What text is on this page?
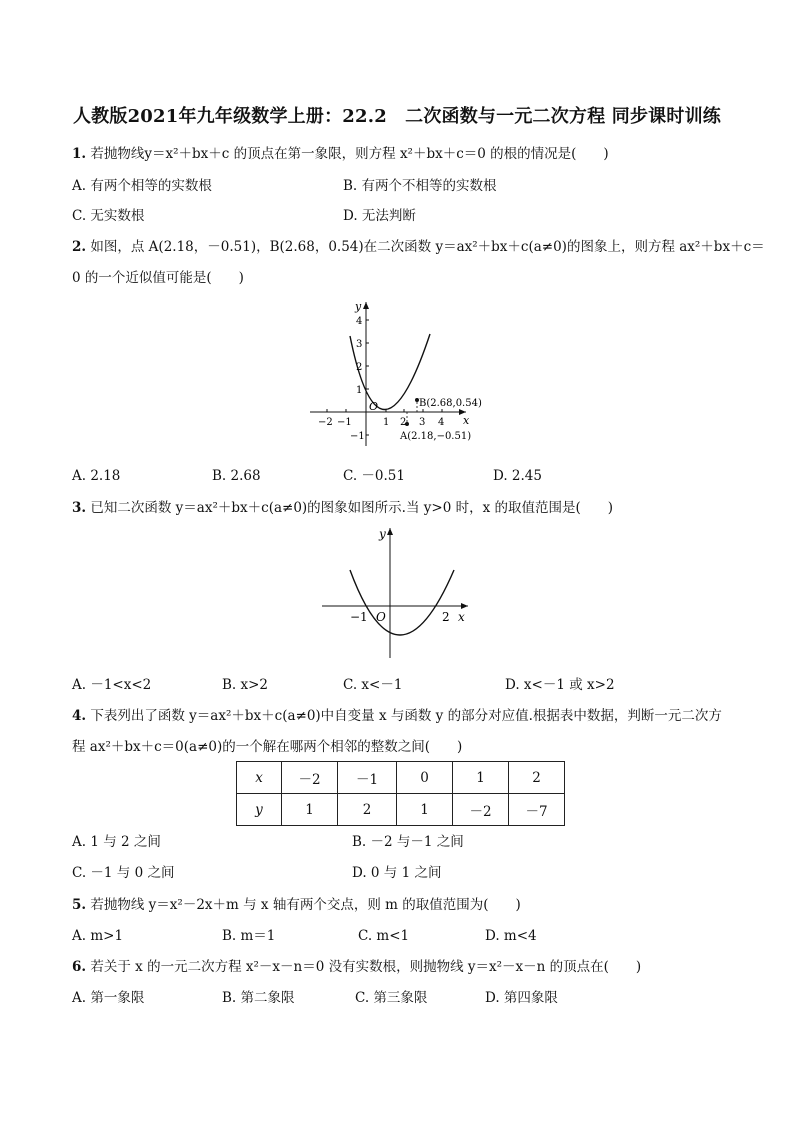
人教版2021年九年级数学上册：22.2　二次函数与一元二次方程 同步课时训练
1. 若抛物线y＝x²＋bx＋c 的顶点在第一象限，则方程 x²＋bx＋c＝0 的根的情况是(　　)
A. 有两个相等的实数根	B. 有两个不相等的实数根
C. 无实数根	D. 无法判断
2. 如图，点 A(2.18，－0.51)，B(2.68，0.54)在二次函数 y＝ax²＋bx＋c(a≠0)的图象上，则方程 ax²＋bx＋c＝
0 的一个近似值可能是(　　)
y
x
O
−2 −1	1 2 3 4
4
3
2
1
−1
B(2.68,0.54)
A(2.18,−0.51)
A. 2.18	B. 2.68	C. －0.51	D. 2.45
3. 已知二次函数 y＝ax²＋bx＋c(a≠0)的图象如图所示.当 y>0 时，x 的取值范围是(　　)
y
x
O
−1	2
A. －1<x<2	B. x>2	C. x<－1	D. x<－1 或 x>2
4. 下表列出了函数 y＝ax²＋bx＋c(a≠0)中自变量 x 与函数 y 的部分对应值.根据表中数据，判断一元二次方
程 ax²＋bx＋c＝0(a≠0)的一个解在哪两个相邻的整数之间(　　)
x	－2	－1	0	1	2
y	1	2	1	－2	－7
A. 1 与 2 之间	B. －2 与－1 之间
C. －1 与 0 之间	D. 0 与 1 之间
5. 若抛物线 y＝x²－2x＋m 与 x 轴有两个交点，则 m 的取值范围为(　　)
A. m>1	B. m＝1	C. m<1	D. m<4
6. 若关于 x 的一元二次方程 x²－x－n＝0 没有实数根，则抛物线 y＝x²－x－n 的顶点在(　　)
A. 第一象限	B. 第二象限	C. 第三象限	D. 第四象限
